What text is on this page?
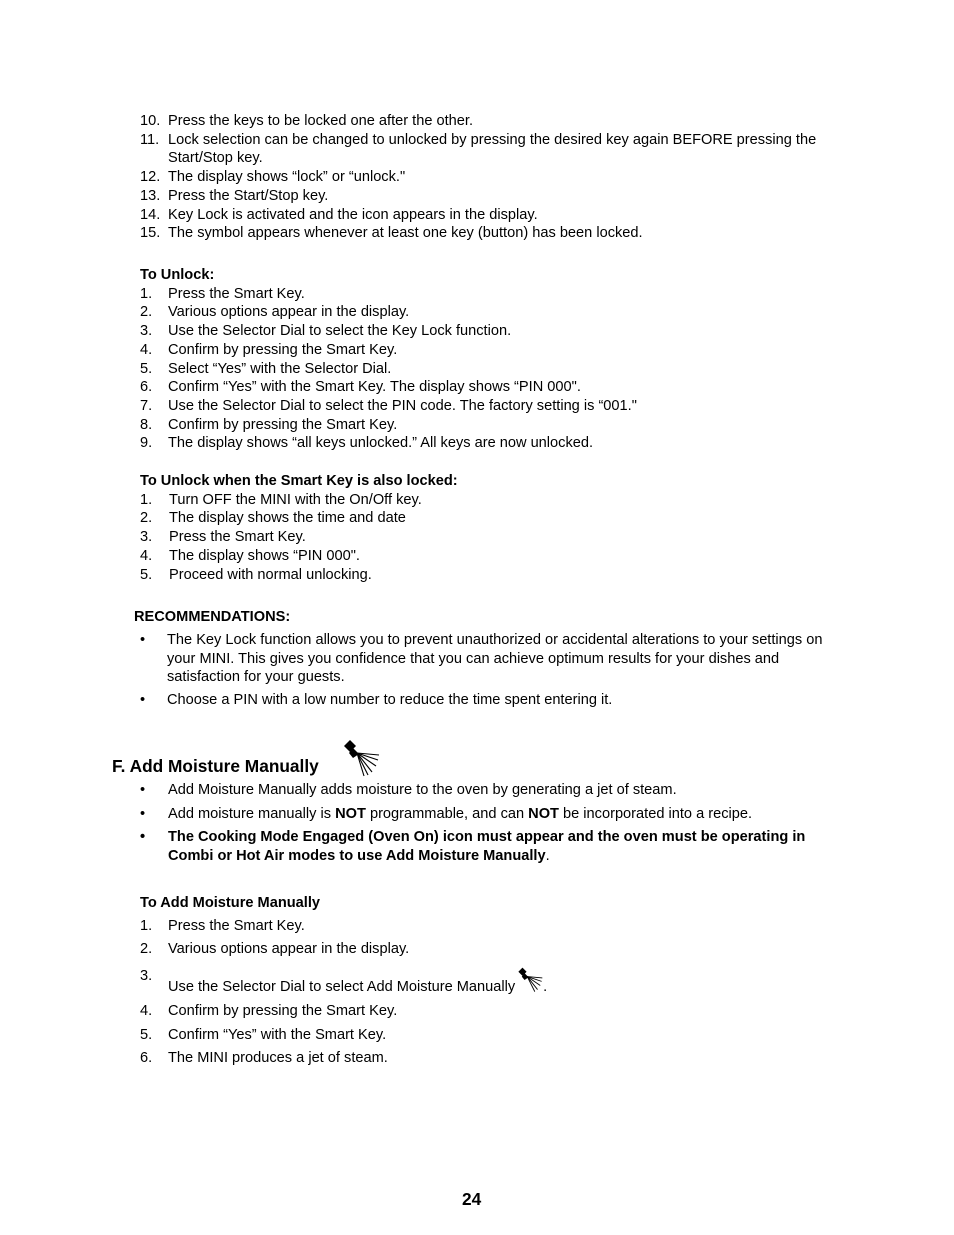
10. Press the keys to be locked one after the other.
11. Lock selection can be changed to unlocked by pressing the desired key again BEFORE pressing the Start/Stop key.
12. The display shows “lock” or “unlock."
13. Press the Start/Stop key.
14. Key Lock is activated and the icon appears in the display.
15. The symbol appears whenever at least one key (button) has been locked.
To Unlock:
1.	Press the Smart Key.
2.	Various options appear in the display.
3.	Use the Selector Dial to select the Key Lock function.
4.	Confirm by pressing the Smart Key.
5.	Select “Yes” with the Selector Dial.
6.	Confirm “Yes” with the Smart Key. The display shows “PIN 000".
7.	Use the Selector Dial to select the PIN code. The factory setting is “001."
8.	Confirm by pressing the Smart Key.
9.	The display shows “all keys unlocked.” All keys are now unlocked.
To Unlock when the Smart Key is also locked:
1.	Turn OFF the MINI with the On/Off key.
2.	The display shows the time and date
3.	Press the Smart Key.
4.	The display shows “PIN 000".
5.	Proceed with normal unlocking.
RECOMMENDATIONS:
•	The Key Lock function allows you to prevent unauthorized or accidental alterations to your settings on your MINI. This gives you confidence that you can achieve optimum results for your dishes and satisfaction for your guests.
•	Choose a PIN with a low number to reduce the time spent entering it.
F. Add Moisture Manually
•	Add Moisture Manually adds moisture to the oven by generating a jet of steam.
•	Add moisture manually is NOT programmable, and can NOT be incorporated into a recipe.
•	The Cooking Mode Engaged (Oven On) icon must appear and the oven must be operating in Combi or Hot Air modes to use Add Moisture Manually.
To Add Moisture Manually
1.	Press the Smart Key.
2.	Various options appear in the display.
3.
Use the Selector Dial to select Add Moisture Manually .
4.	Confirm by pressing the Smart Key.
5.	Confirm “Yes” with the Smart Key.
6.	The MINI produces a jet of steam.
24
